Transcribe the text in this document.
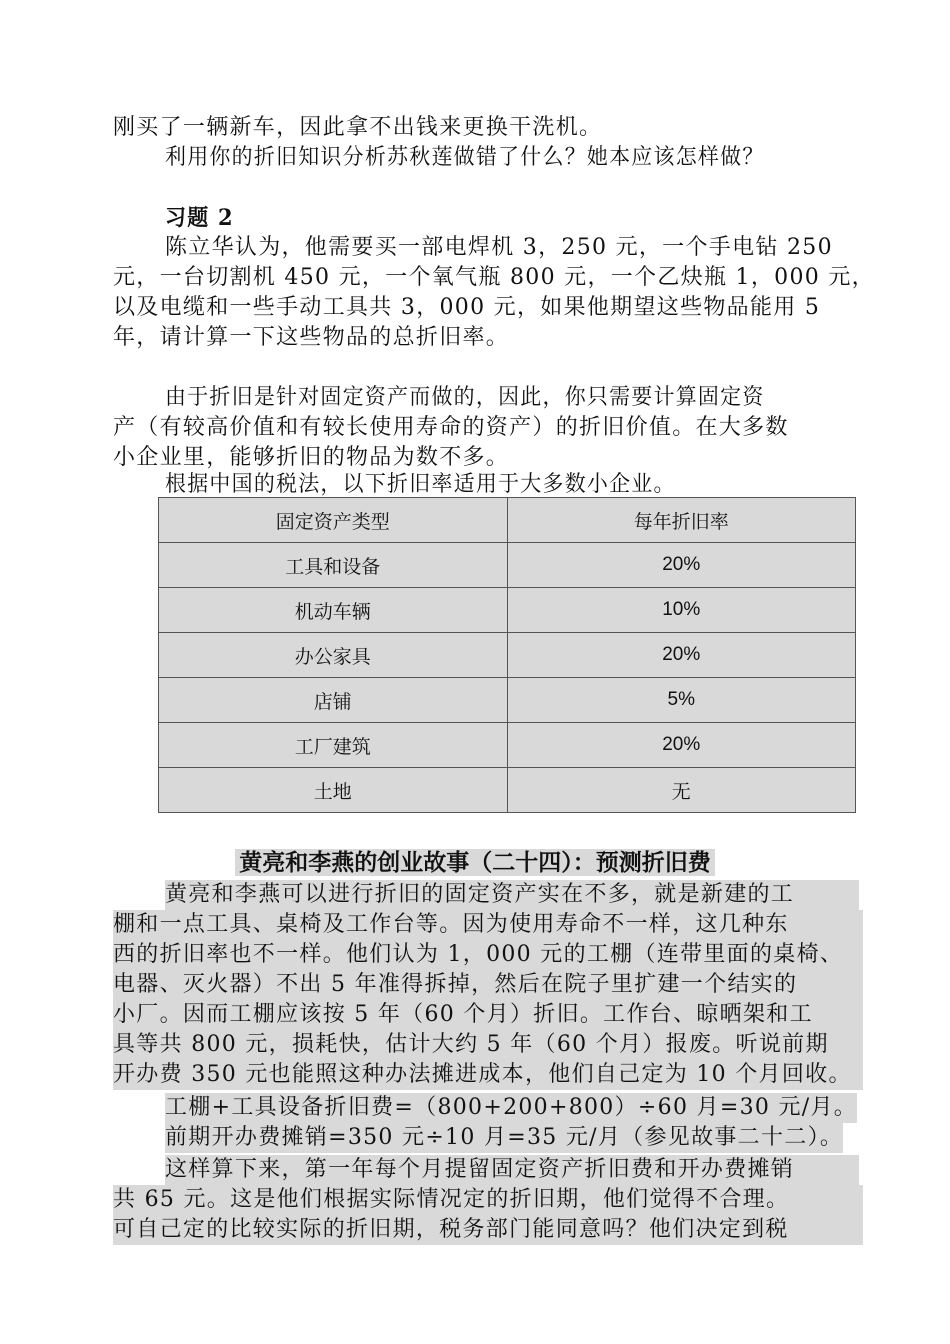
刚买了一辆新车，因此拿不出钱来更换干洗机。
利用你的折旧知识分析苏秋莲做错了什么？她本应该怎样做？
习题 2
陈立华认为，他需要买一部电焊机 3，250 元，一个手电钻 250
元，一台切割机 450 元，一个氧气瓶 800 元，一个乙炔瓶 1，000 元，
以及电缆和一些手动工具共 3，000 元，如果他期望这些物品能用 5
年，请计算一下这些物品的总折旧率。
由于折旧是针对固定资产而做的，因此，你只需要计算固定资
产（有较高价值和有较长使用寿命的资产）的折旧价值。在大多数
小企业里，能够折旧的物品为数不多。
根据中国的税法，以下折旧率适用于大多数小企业。
固定资产类型	每年折旧率
工具和设备	20%
机动车辆	10%
办公家具	20%
店铺	5%
工厂建筑	20%
土地	无
黄亮和李燕的创业故事（二十四）：预测折旧费
黄亮和李燕可以进行折旧的固定资产实在不多，就是新建的工
棚和一点工具、桌椅及工作台等。因为使用寿命不一样，这几种东
西的折旧率也不一样。他们认为 1，000 元的工棚（连带里面的桌椅、
电器、灭火器）不出 5 年准得拆掉，然后在院子里扩建一个结实的
小厂。因而工棚应该按 5 年（60 个月）折旧。工作台、晾晒架和工
具等共 800 元，损耗快，估计大约 5 年（60 个月）报废。听说前期
开办费 350 元也能照这种办法摊进成本，他们自己定为 10 个月回收。
工棚+工具设备折旧费=（800+200+800）÷60 月=30 元/月。
前期开办费摊销=350 元÷10 月=35 元/月（参见故事二十二）。
这样算下来，第一年每个月提留固定资产折旧费和开办费摊销
共 65 元。这是他们根据实际情况定的折旧期，他们觉得不合理。
可自己定的比较实际的折旧期，税务部门能同意吗？他们决定到税
